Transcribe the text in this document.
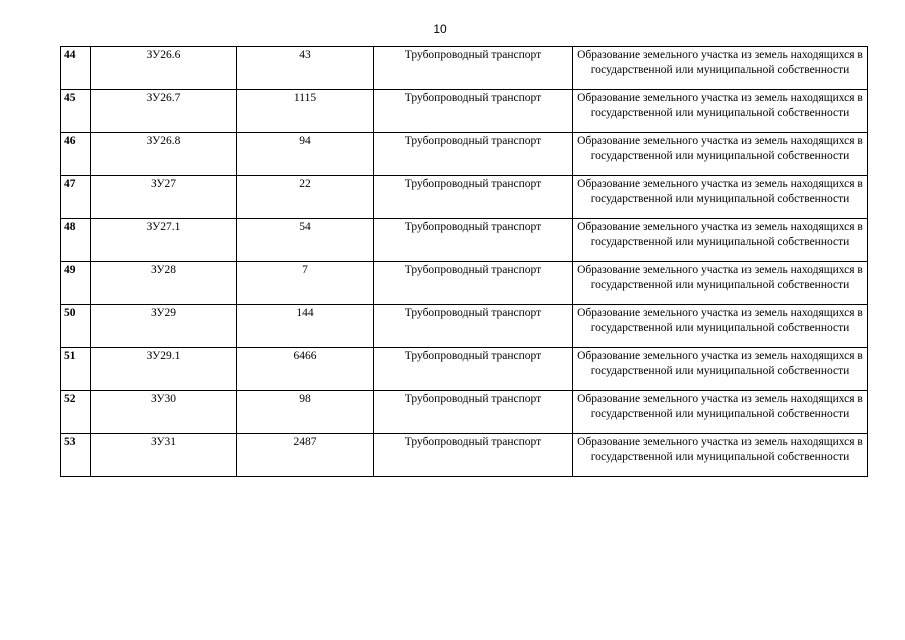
10
44	ЗУ26.6	43	Трубопроводный транспорт	Образование земельного участка из земель находящихся в государственной или муниципальной собственности
45	ЗУ26.7	1115	Трубопроводный транспорт	Образование земельного участка из земель находящихся в государственной или муниципальной собственности
46	ЗУ26.8	94	Трубопроводный транспорт	Образование земельного участка из земель находящихся в государственной или муниципальной собственности
47	ЗУ27	22	Трубопроводный транспорт	Образование земельного участка из земель находящихся в государственной или муниципальной собственности
48	ЗУ27.1	54	Трубопроводный транспорт	Образование земельного участка из земель находящихся в государственной или муниципальной собственности
49	ЗУ28	7	Трубопроводный транспорт	Образование земельного участка из земель находящихся в государственной или муниципальной собственности
50	ЗУ29	144	Трубопроводный транспорт	Образование земельного участка из земель находящихся в государственной или муниципальной собственности
51	ЗУ29.1	6466	Трубопроводный транспорт	Образование земельного участка из земель находящихся в государственной или муниципальной собственности
52	ЗУ30	98	Трубопроводный транспорт	Образование земельного участка из земель находящихся в государственной или муниципальной собственности
53	ЗУ31	2487	Трубопроводный транспорт	Образование земельного участка из земель находящихся в государственной или муниципальной собственности
